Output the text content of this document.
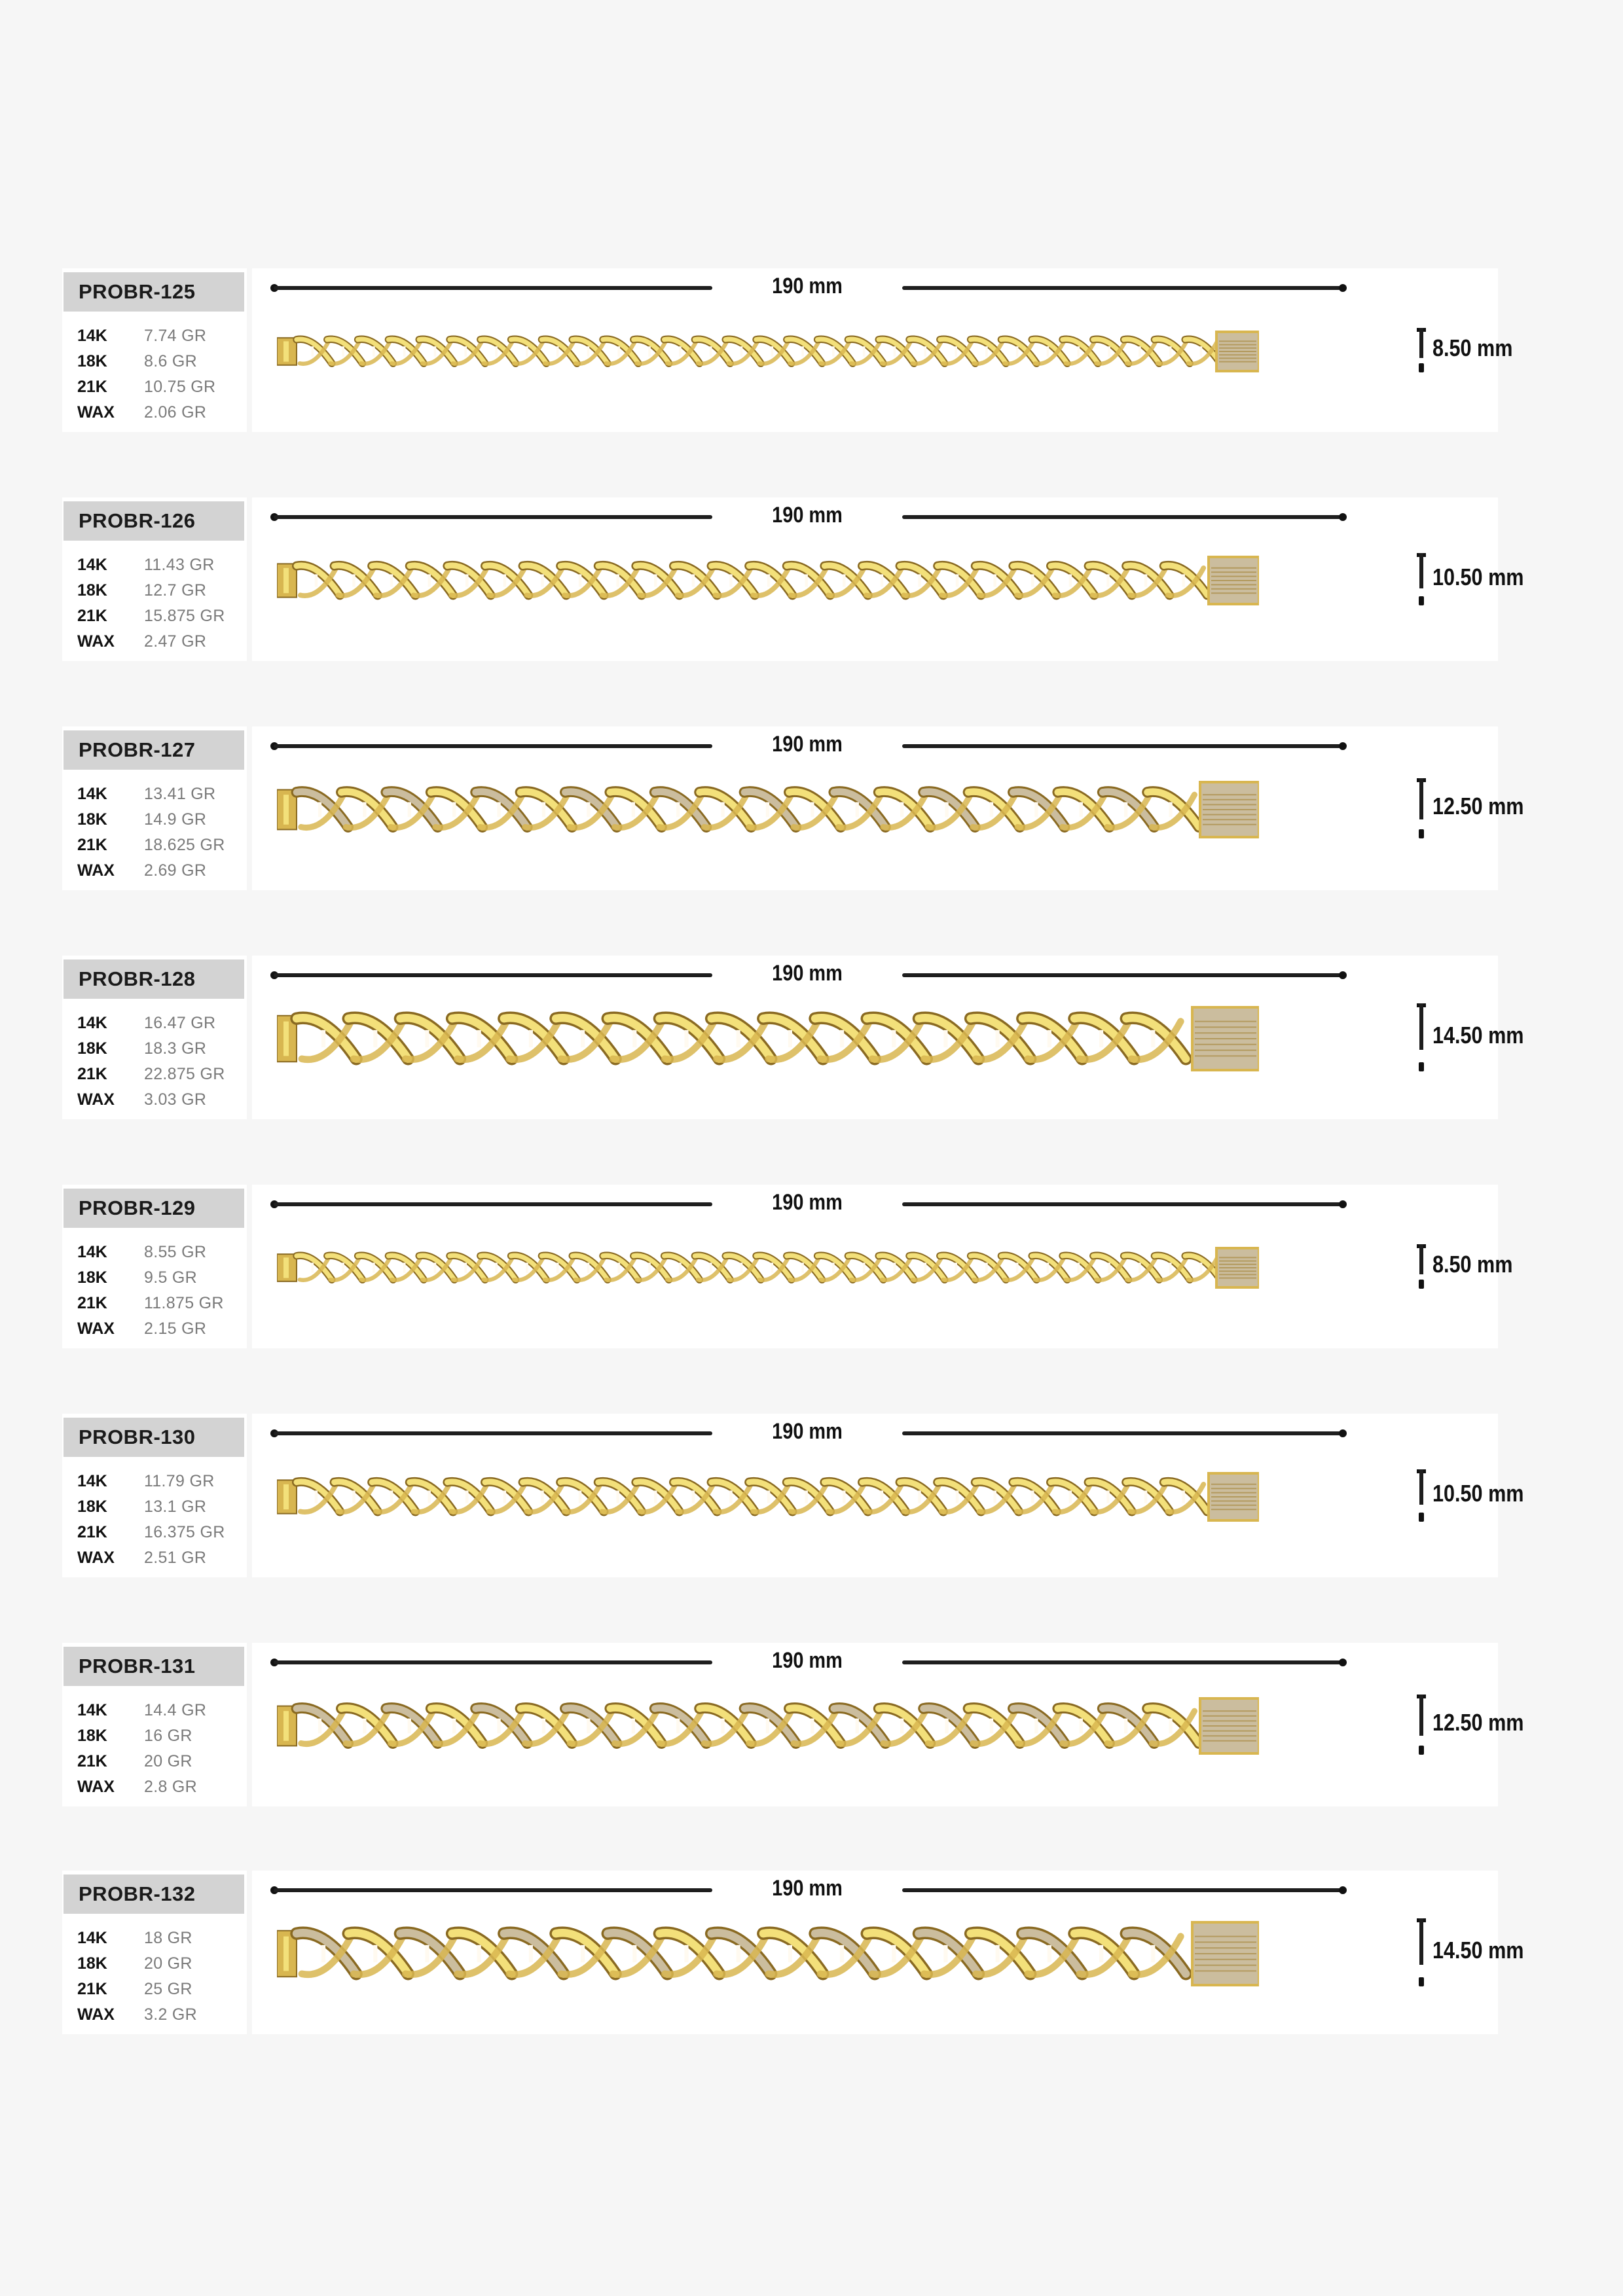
PROBR-125
14K	7.74 GR
18K	8.6 GR
21K	10.75 GR
WAX	2.06 GR
190 mm
8.50 mm
PROBR-126
14K	11.43 GR
18K	12.7 GR
21K	15.875 GR
WAX	2.47 GR
190 mm
10.50 mm
PROBR-127
14K	13.41 GR
18K	14.9 GR
21K	18.625 GR
WAX	2.69 GR
190 mm
12.50 mm
PROBR-128
14K	16.47 GR
18K	18.3 GR
21K	22.875 GR
WAX	3.03 GR
190 mm
14.50 mm
PROBR-129
14K	8.55 GR
18K	9.5 GR
21K	11.875 GR
WAX	2.15 GR
190 mm
8.50 mm
PROBR-130
14K	11.79 GR
18K	13.1 GR
21K	16.375 GR
WAX	2.51 GR
190 mm
10.50 mm
PROBR-131
14K	14.4 GR
18K	16 GR
21K	20 GR
WAX	2.8 GR
190 mm
12.50 mm
PROBR-132
14K	18 GR
18K	20 GR
21K	25 GR
WAX	3.2 GR
190 mm
14.50 mm
